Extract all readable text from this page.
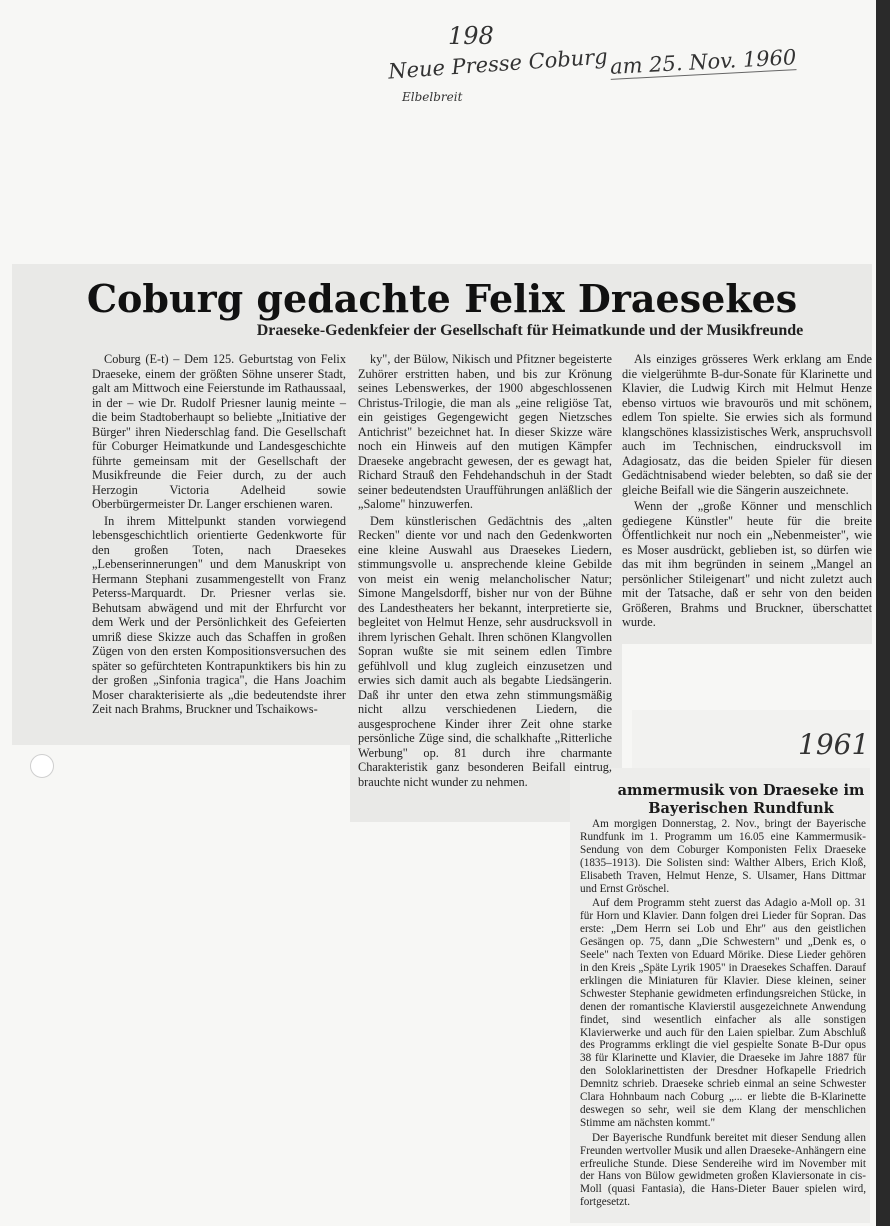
198
Neue Presse Coburg am 25. Nov. 1960
Elbelbreit
Coburg gedachte Felix Draesekes
Draeseke-Gedenkfeier der Gesellschaft für Heimatkunde und der Musikfreunde

Coburg (E-t) – Dem 125. Geburtstag von Felix Draeseke, einem der größten Söhne unserer Stadt, galt am Mittwoch eine Feierstunde im Rathaussaal, in der – wie Dr. Rudolf Priesner launig meinte – die beim Stadtoberhaupt so beliebte „Initiative der Bürger" ihren Niederschlag fand. Die Gesellschaft für Coburger Heimatkunde und Landesgeschichte führte gemeinsam mit der Gesellschaft der Musikfreunde die Feier durch, zu der auch Herzogin Victoria Adelheid sowie Oberbürgermeister Dr. Langer erschienen waren.

In ihrem Mittelpunkt standen vorwiegend lebensgeschichtlich orientierte Gedenkworte für den großen Toten, nach Draesekes „Lebenserinnerungen" und dem Manuskript von Hermann Stephani zusammengestellt von Franz Peterss-Marquardt. Dr. Priesner verlas sie. Behutsam abwägend und mit der Ehrfurcht vor dem Werk und der Persönlichkeit des Gefeierten umriß diese Skizze auch das Schaffen in großen Zügen von den ersten Kompositionsversuchen des später so gefürchteten Kontrapunktikers bis hin zu der großen „Sinfonia tragica", die Hans Joachim Moser charakterisierte als „die bedeutendste ihrer Zeit nach Brahms, Bruckner und Tschaikows-

ky", der Bülow, Nikisch und Pfitzner begeisterte Zuhörer erstritten haben, und bis zur Krönung seines Lebenswerkes, der 1900 abgeschlossenen Christus-Trilogie, die man als „eine religiöse Tat, ein geistiges Gegengewicht gegen Nietzsches Antichrist" bezeichnet hat. In dieser Skizze wäre noch ein Hinweis auf den mutigen Kämpfer Draeseke angebracht gewesen, der es gewagt hat, Richard Strauß den Fehdehandschuh in der Stadt seiner bedeutendsten Uraufführungen anläßlich der „Salome" hinzuwerfen.

Dem künstlerischen Gedächtnis des „alten Recken" diente vor und nach den Gedenkworten eine kleine Auswahl aus Draesekes Liedern, stimmungsvolle u. ansprechende kleine Gebilde von meist ein wenig melancholischer Natur; Simone Mangelsdorff, bisher nur von der Bühne des Landestheaters her bekannt, interpretierte sie, begleitet von Helmut Henze, sehr ausdrucksvoll in ihrem lyrischen Gehalt. Ihren schönen Klangvollen Sopran wußte sie mit seinem edlen Timbre gefühlvoll und klug zugleich einzusetzen und erwies sich damit auch als begabte Liedsängerin. Daß ihr unter den etwa zehn stimmungsmäßig nicht allzu verschiedenen Liedern, die ausgesprochene Kinder ihrer Zeit ohne starke persönliche Züge sind, die schalkhafte „Ritterliche Werbung" op. 81 durch ihre charmante Charakteristik ganz besonderen Beifall eintrug, brauchte nicht wunder zu nehmen.

Als einziges grösseres Werk erklang am Ende die vielgerühmte B-dur-Sonate für Klarinette und Klavier, die Ludwig Kirch mit Helmut Henze ebenso virtuos wie bravourös und mit schönem, edlem Ton spielte. Sie erwies sich als formund klangschönes klassizistisches Werk, anspruchsvoll auch im Technischen, eindrucksvoll im Adagiosatz, das die beiden Spieler für diesen Gedächtnisabend wieder belebten, so daß sie der gleiche Beifall wie die Sängerin auszeichnete.

Wenn der „große Könner und menschlich gediegene Künstler" heute für die breite Öffentlichkeit nur noch ein „Nebenmeister", wie es Moser ausdrückt, geblieben ist, so dürfen wie das mit ihm begründen in seinem „Mangel an persönlicher Stileigenart" und nicht zuletzt auch mit der Tatsache, daß er sehr von den beiden Größeren, Brahms und Bruckner, überschattet wurde.

1961
ammermusik von Draeseke im Bayerischen Rundfunk

Am morgigen Donnerstag, 2. Nov., bringt der Bayerische Rundfunk im 1. Programm um 16.05 eine Kammermusik-Sendung von dem Coburger Komponisten Felix Draeseke (1835–1913). Die Solisten sind: Walther Albers, Erich Kloß, Elisabeth Traven, Helmut Henze, S. Ulsamer, Hans Dittmar und Ernst Gröschel.

Auf dem Programm steht zuerst das Adagio a-Moll op. 31 für Horn und Klavier. Dann folgen drei Lieder für Sopran. Das erste: „Dem Herrn sei Lob und Ehr" aus den geistlichen Gesängen op. 75, dann „Die Schwestern" und „Denk es, o Seele" nach Texten von Eduard Mörike. Diese Lieder gehören in den Kreis „Späte Lyrik 1905" in Draesekes Schaffen. Darauf erklingen die Miniaturen für Klavier. Diese kleinen, seiner Schwester Stephanie gewidmeten erfindungsreichen Stücke, in denen der romantische Klavierstil ausgezeichnete Anwendung findet, sind wesentlich einfacher als alle sonstigen Klavierwerke und auch für den Laien spielbar. Zum Abschluß des Programms erklingt die viel gespielte Sonate B-Dur opus 38 für Klarinette und Klavier, die Draeseke im Jahre 1887 für den Soloklarinettisten der Dresdner Hofkapelle Friedrich Demnitz schrieb. Draeseke schrieb einmal an seine Schwester Clara Hohnbaum nach Coburg „... er liebte die B-Klarinette deswegen so sehr, weil sie dem Klang der menschlichen Stimme am nächsten kommt."

Der Bayerische Rundfunk bereitet mit dieser Sendung allen Freunden wertvoller Musik und allen Draeseke-Anhängern eine erfreuliche Stunde. Diese Sendereihe wird im November mit der Hans von Bülow gewidmeten großen Klaviersonate in cis-Moll (quasi Fantasia), die Hans-Dieter Bauer spielen wird, fortgesetzt.
